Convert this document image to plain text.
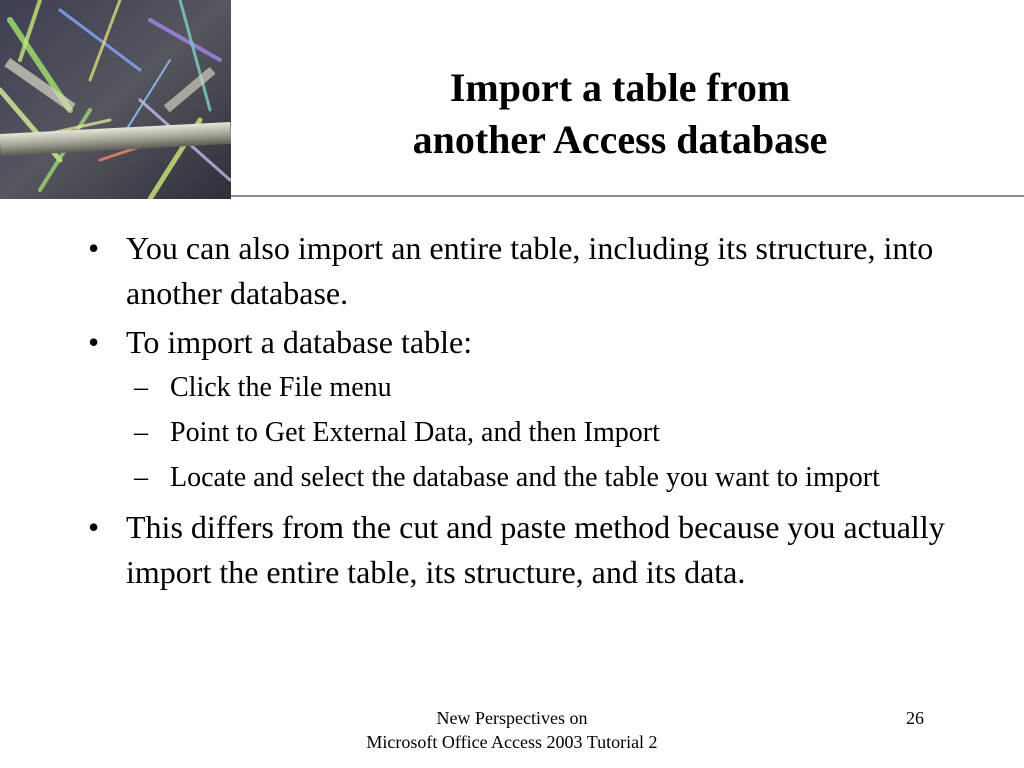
Import a table from
another Access database
• You can also import an entire table, including its structure, into another database.
• To import a database table:
– Click the File menu
– Point to Get External Data, and then Import
– Locate and select the database and the table you want to import
• This differs from the cut and paste method because you actually import the entire table, its structure, and its data.
New Perspectives on
Microsoft Office Access 2003 Tutorial 2
26
